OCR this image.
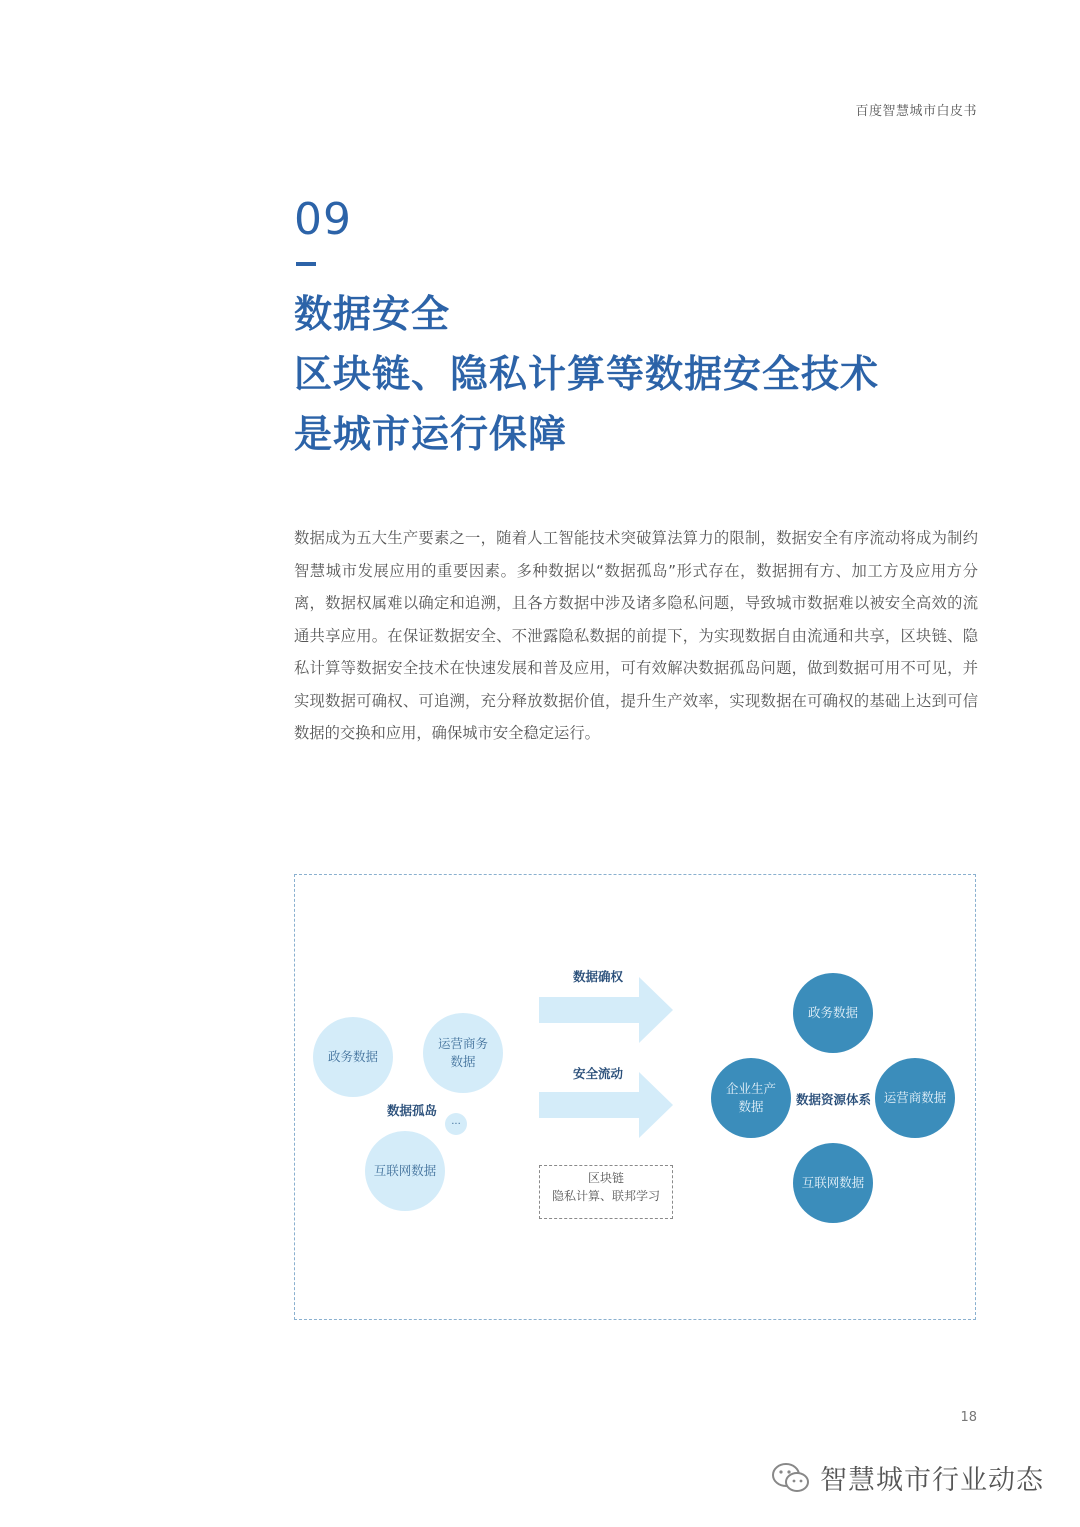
百度智慧城市白皮书
09
数据安全
区块链、隐私计算等数据安全技术
是城市运行保障
数据成为五大生产要素之一，随着人工智能技术突破算法算力的限制，数据安全有序流动将成为制约智慧城市发展应用的重要因素。多种数据以“数据孤岛”形式存在，数据拥有方、加工方及应用方分离，数据权属难以确定和追溯，且各方数据中涉及诸多隐私问题，导致城市数据难以被安全高效的流通共享应用。在保证数据安全、不泄露隐私数据的前提下，为实现数据自由流通和共享，区块链、隐私计算等数据安全技术在快速发展和普及应用，可有效解决数据孤岛问题，做到数据可用不可见，并实现数据可确权、可追溯，充分释放数据价值，提升生产效率，实现数据在可确权的基础上达到可信数据的交换和应用，确保城市安全稳定运行。
政务数据
运营商务
数据
数据孤岛
···
互联网数据
数据确权
安全流动
区块链
隐私计算、联邦学习
政务数据
企业生产
数据	数据资源体系 运营商数据
互联网数据
18
智慧城市行业动态
